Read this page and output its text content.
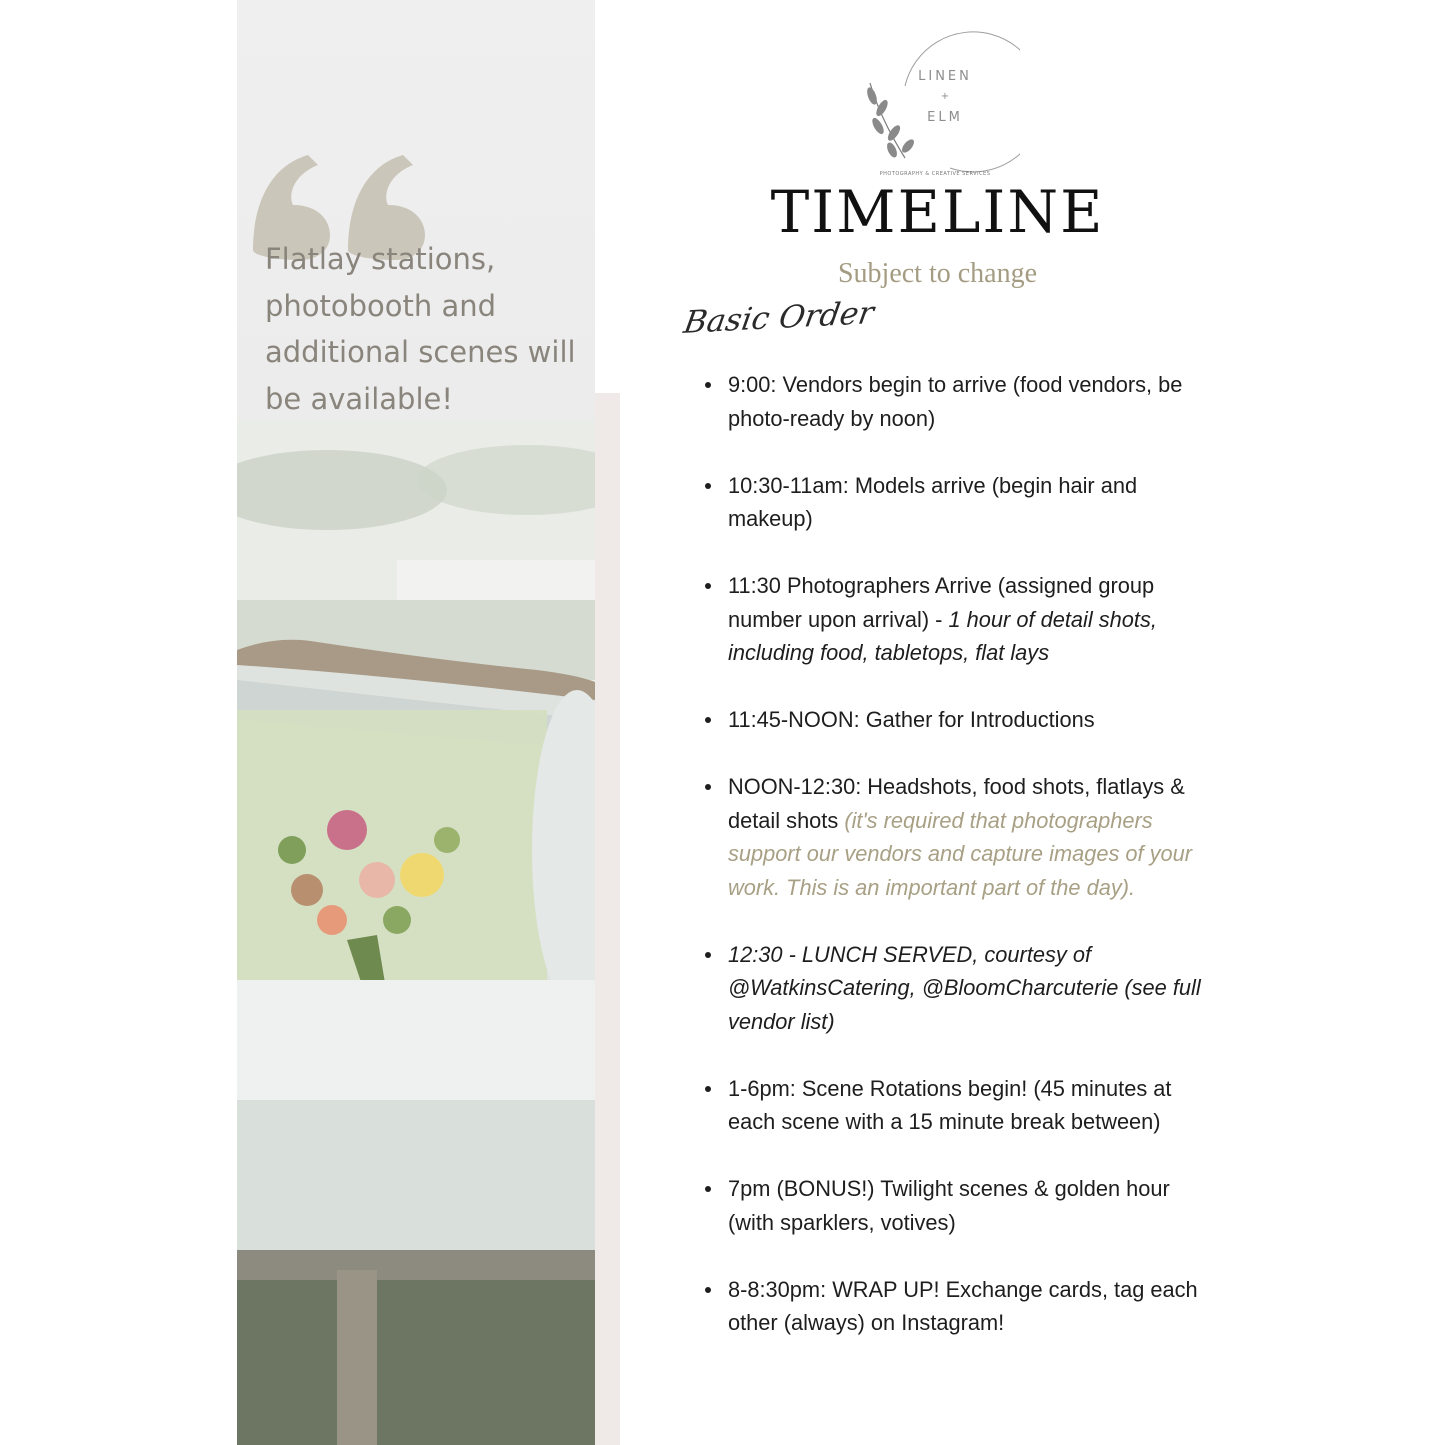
Flatlay stations, photobooth and additional scenes will be available!
LINEN
+
ELM
PHOTOGRAPHY & CREATIVE SERVICES
TIMELINE
Subject to change
Basic Order
9:00: Vendors begin to arrive (food vendors, be photo-ready by noon)
10:30-11am: Models arrive (begin hair and makeup)
11:30 Photographers Arrive (assigned group number upon arrival) - 1 hour of detail shots, including food, tabletops, flat lays
11:45-NOON: Gather for Introductions
NOON-12:30: Headshots, food shots, flatlays & detail shots (it's required that photographers support our vendors and capture images of your work. This is an important part of the day).
12:30 - LUNCH SERVED, courtesy of @WatkinsCatering, @BloomCharcuterie (see full vendor list)
1-6pm: Scene Rotations begin! (45 minutes at each scene with a 15 minute break between)
7pm (BONUS!) Twilight scenes & golden hour (with sparklers, votives)
8-8:30pm: WRAP UP! Exchange cards, tag each other (always) on Instagram!
